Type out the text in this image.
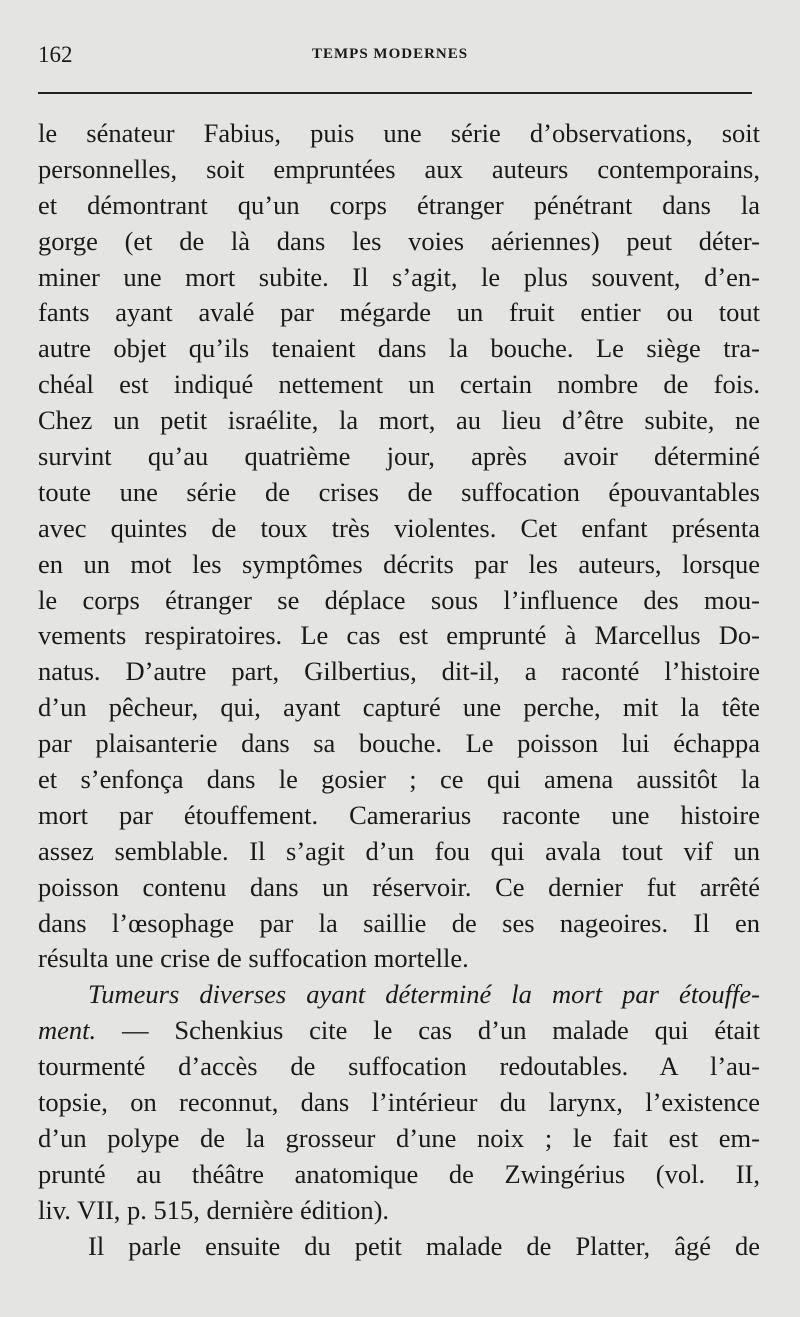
162	TEMPS MODERNES
le sénateur Fabius, puis une série d’observations, soit
personnelles, soit empruntées aux auteurs contemporains,
et démontrant qu’un corps étranger pénétrant dans la
gorge (et de là dans les voies aériennes) peut déter-
miner une mort subite. Il s’agit, le plus souvent, d’en-
fants ayant avalé par mégarde un fruit entier ou tout
autre objet qu’ils tenaient dans la bouche. Le siège tra-
chéal est indiqué nettement un certain nombre de fois.
Chez un petit israélite, la mort, au lieu d’être subite, ne
survint qu’au quatrième jour, après avoir déterminé
toute une série de crises de suffocation épouvantables
avec quintes de toux très violentes. Cet enfant présenta
en un mot les symptômes décrits par les auteurs, lorsque
le corps étranger se déplace sous l’influence des mou-
vements respiratoires. Le cas est emprunté à Marcellus Do-
natus. D’autre part, Gilbertius, dit-il, a raconté l’histoire
d’un pêcheur, qui, ayant capturé une perche, mit la tête
par plaisanterie dans sa bouche. Le poisson lui échappa
et s’enfonça dans le gosier ; ce qui amena aussitôt la
mort par étouffement. Camerarius raconte une histoire
assez semblable. Il s’agit d’un fou qui avala tout vif un
poisson contenu dans un réservoir. Ce dernier fut arrêté
dans l’œsophage par la saillie de ses nageoires. Il en
résulta une crise de suffocation mortelle.
Tumeurs diverses ayant déterminé la mort par étouffe-
ment. — Schenkius cite le cas d’un malade qui était
tourmenté d’accès de suffocation redoutables. A l’au-
topsie, on reconnut, dans l’intérieur du larynx, l’existence
d’un polype de la grosseur d’une noix ; le fait est em-
prunté au théâtre anatomique de Zwingérius (vol. II,
liv. VII, p. 515, dernière édition).
Il parle ensuite du petit malade de Platter, âgé de
